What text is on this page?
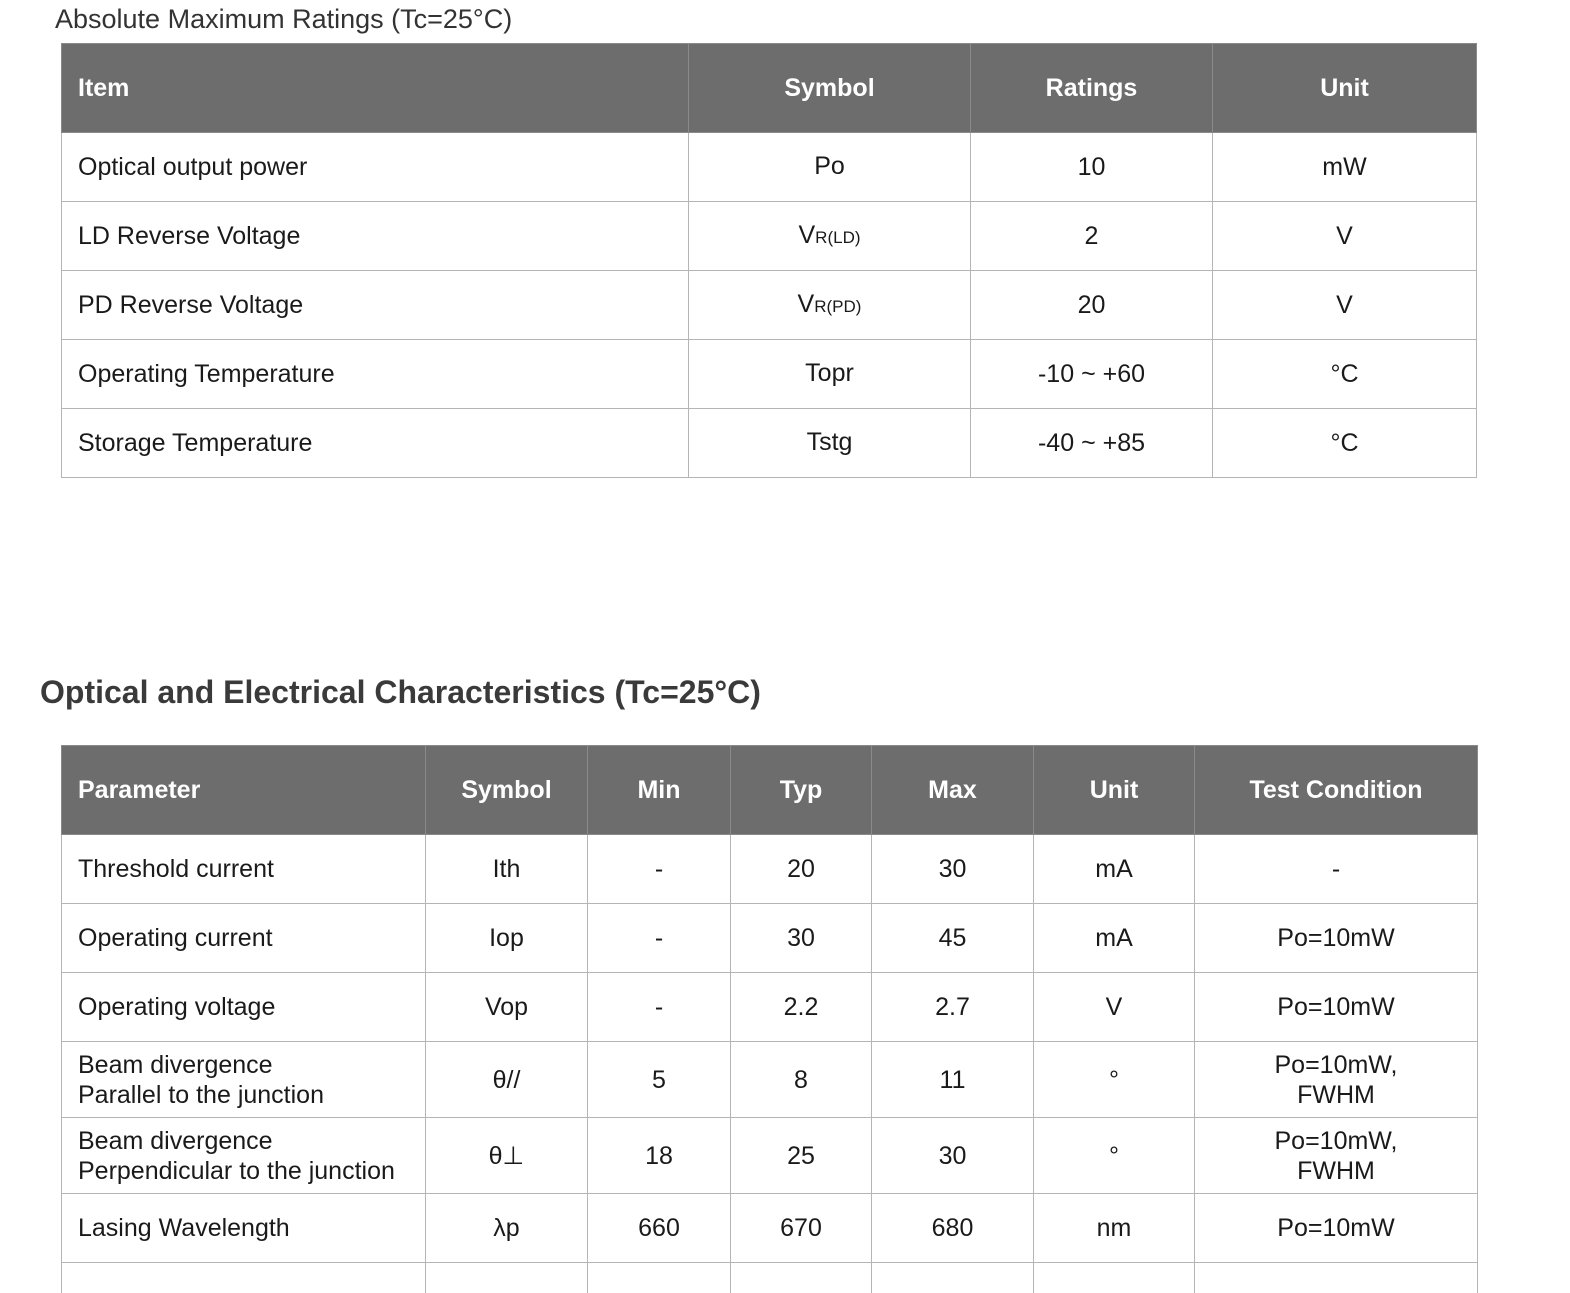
Absolute Maximum Ratings (Tc=25°C)
Item	Symbol	Ratings	Unit
Optical output power	Po	10	mW
LD Reverse Voltage	VR(LD)	2	V
PD Reverse Voltage	VR(PD)	20	V
Operating Temperature	Topr	-10 ~ +60	°C
Storage Temperature	Tstg	-40 ~ +85	°C
Optical and Electrical Characteristics (Tc=25°C)
Parameter	Symbol	Min	Typ	Max	Unit	Test Condition
Threshold current	Ith	-	20	30	mA	-
Operating current	Iop	-	30	45	mA	Po=10mW
Operating voltage	Vop	-	2.2	2.7	V	Po=10mW
Beam divergence
Parallel to the junction	θ//	5	8	11	°	Po=10mW,
FWHM
Beam divergence
Perpendicular to the junction	θ⊥	18	25	30	°	Po=10mW,
FWHM
Lasing Wavelength	λp	660	670	680	nm	Po=10mW
